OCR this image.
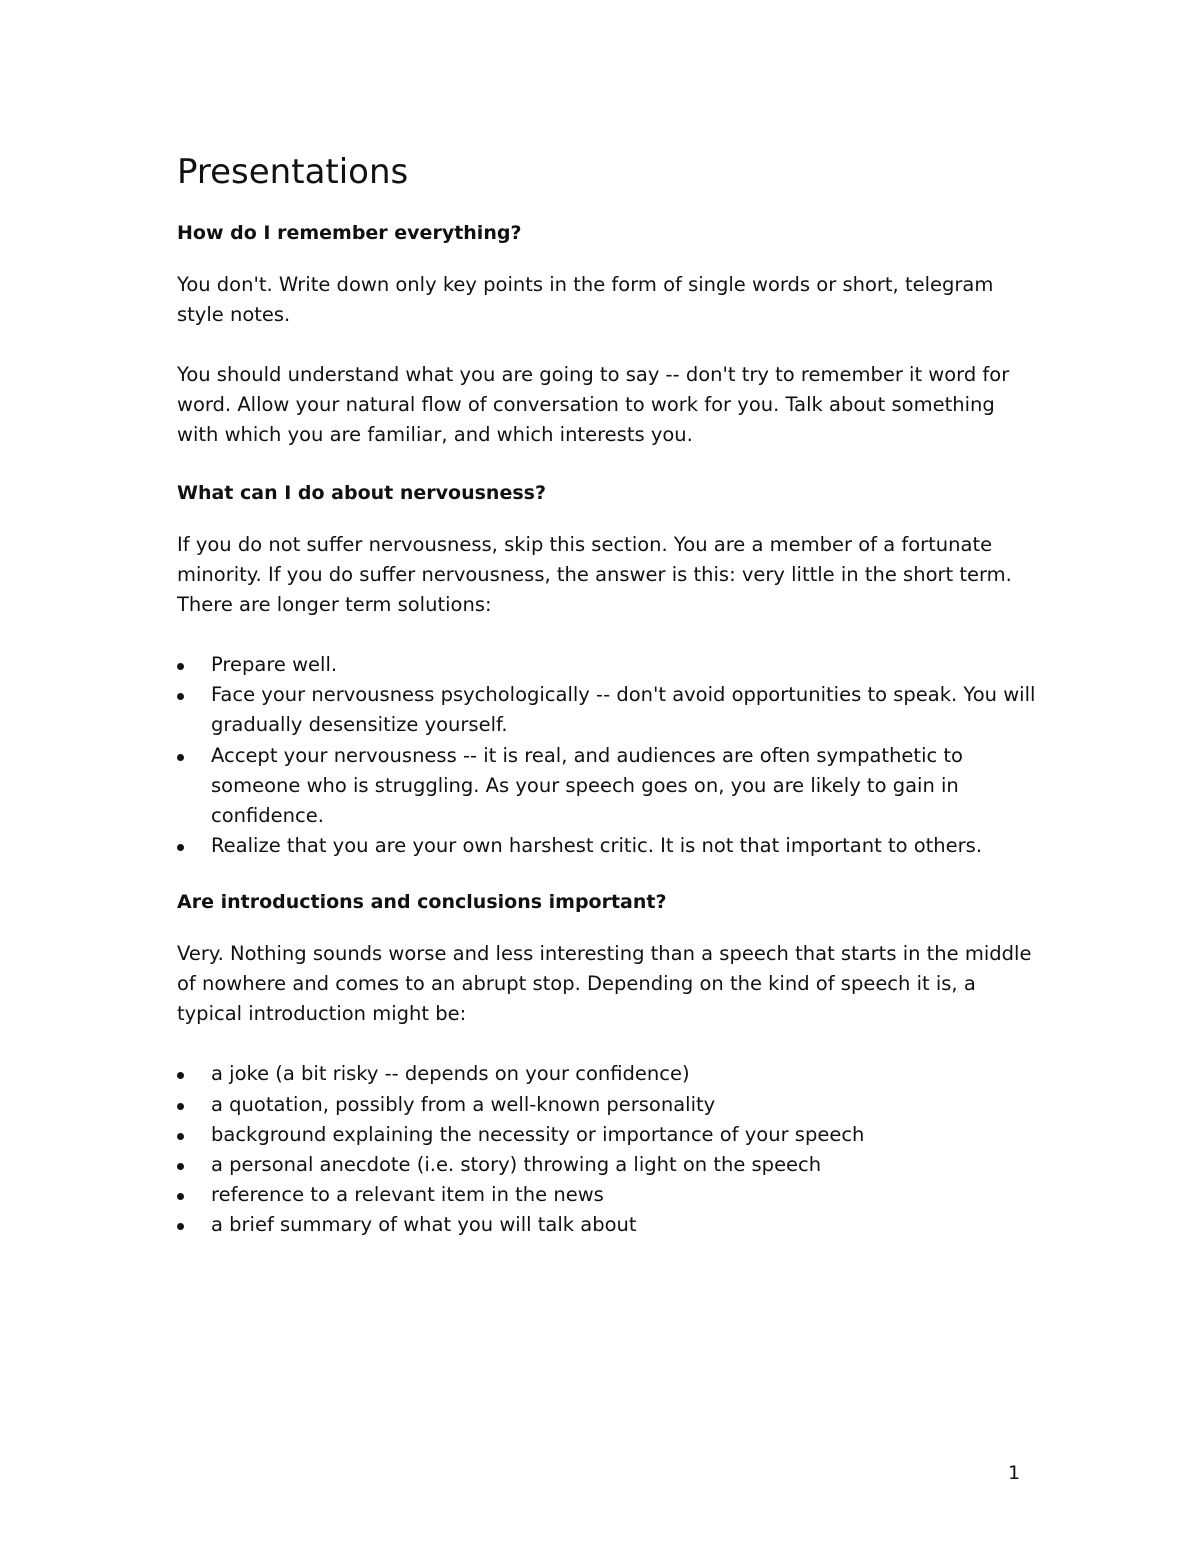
Presentations
How do I remember everything?

You don't. Write down only key points in the form of single words or short, telegram style notes.

You should understand what you are going to say -- don't try to remember it word for word. Allow your natural flow of conversation to work for you. Talk about something with which you are familiar, and which interests you.

What can I do about nervousness?

If you do not suffer nervousness, skip this section. You are a member of a fortunate minority. If you do suffer nervousness, the answer is this: very little in the short term. There are longer term solutions:

Prepare well.
Face your nervousness psychologically -- don't avoid opportunities to speak. You will gradually desensitize yourself.
Accept your nervousness -- it is real, and audiences are often sympathetic to someone who is struggling. As your speech goes on, you are likely to gain in confidence.
Realize that you are your own harshest critic. It is not that important to others.
Are introductions and conclusions important?

Very. Nothing sounds worse and less interesting than a speech that starts in the middle of nowhere and comes to an abrupt stop. Depending on the kind of speech it is, a typical introduction might be:

a joke (a bit risky -- depends on your confidence)
a quotation, possibly from a well-known personality
background explaining the necessity or importance of your speech
a personal anecdote (i.e. story) throwing a light on the speech
reference to a relevant item in the news
a brief summary of what you will talk about
1
